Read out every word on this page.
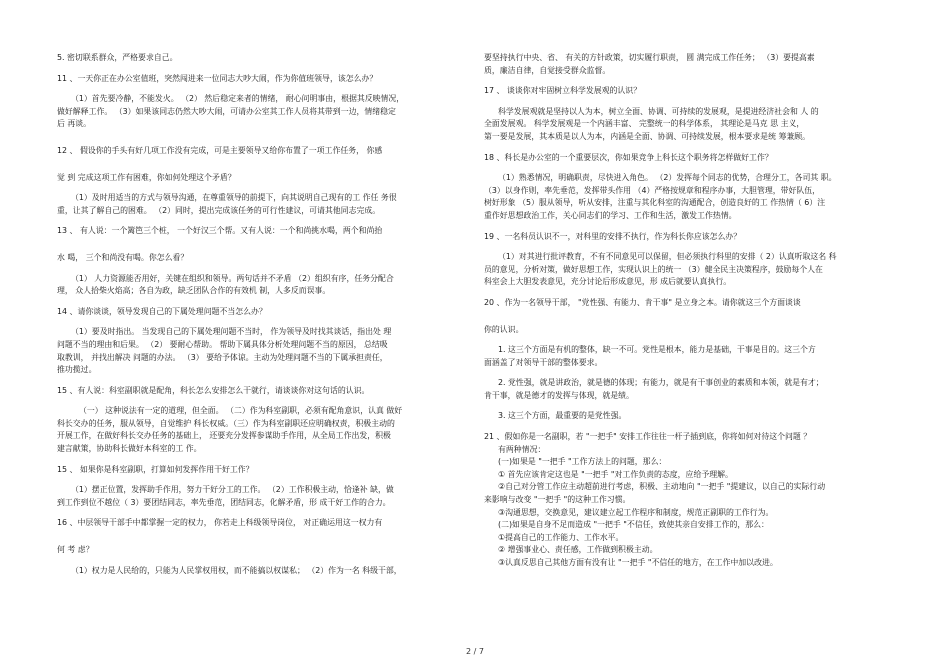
5. 密切联系群众，严格要求自己。

11 、一天你正在办公室值班，突然闯进来一位同志大吵大闹，作为你值班领导，该怎么办？

（1）首先要冷静，不能发火。 （2） 然后稳定来者的情绪， 耐心问明事由，根据其反映情况，

做好解释工作。 （3）如果该同志仍然大吵大闹，可请办公室其工作人员将其带到一边，情绪稳定

后 再谈。

12 、 假设你的手头有好几项工作没有完成，可是主要领导又给你布置了一项工作任务， 你感

觉 到 完成这项工作有困难，你如何处理这个矛盾？

（1）及时用适当的方式与领导沟通，在尊重领导的前提下，向其说明自己现有的工 作任 务很

重，让其了解自己的困难。 （2）同时，提出完成该任务的可行性建议，可请其他同志完成。

13 、 有人说：一个篱笆三个桩， 一个好汉三个帮。又有人说：一个和尚挑水喝，两个和尚抬

水 喝， 三个和尚没有喝。你怎么看？

（1） 人力资源能否用好，关键在组织和领导。两句话并不矛盾 （2）组织有序，任务分配合

理， 众人拾柴火焰高；各自为政，缺乏团队合作的有效机 制，人多反而误事。

14 、请你谈谈，领导发现自己的下属处理问题不当怎么办？

（1）要及时指出。 当发现自己的下属处理问题不当时， 作为领导及时找其谈话，指出处 理

问题不当的理由和后果。 （2） 要耐心帮助。 帮助下属具体分析处理问题不当的原因， 总结吸

取教训， 并找出解决 问题的办法。 （3） 要给予体谅。主动为处理问题不当的下属承担责任，

推功揽过。

15 、有人说：科室副职就是配角，科长怎么安排怎么干就行，请谈谈你对这句话的认识。

（一） 这种说法有一定的道理，但全面。 （二）作为科室副职，必须有配角意识，认真 做好

科长交办的任务，服从领导，自觉维护 科长权威。（三）作为科室副职还应明确权责，积极主动的

开展工作，在做好科长交办任务的基础上， 还要充分发挥参谋助手作用，从全局工作出发，积极

建言献策，协助科长做好本科室的工 作。

15 、 如果你是科室副职，打算如何发挥作用干好工作？

（1）摆正位置，发挥助手作用，努力干好分工的工作。 （2）工作积极主动，恰逢补 缺，做

到工作到位不越位（ 3）要团结同志，率先垂范，团结同志，化解矛盾，形 成干好工作的合力。

16 、中层领导干部手中都掌握一定的权力， 你若走上科级领导岗位， 对正确运用这一权力有

何 考 虑？

（1）权力是人民给的，只能为人民掌权用权，而不能搞以权谋私； （2）作为一名 科级干部，

要坚持执行中央、省、 有关的方针政策，切实履行职责， 圆 满完成工作任务； （3）要提高素

质，廉洁自律，自觉接受群众监督。

17 、 谈谈你对牢固树立科学发展观的认识？

科学发展观就是坚持以人为本，树立全面、协调、可持续的发展观，是提进经济社会和 人 的

全面发展观。 科学发展观是一个内涵丰富、 完整统一的科学体系， 其理论是马克 思 主义，

第一要是发展，其本质是以人为本，内涵是全面、协调、可持续发展，根本要求是统 筹兼顾。

18 、科长是办公室的一个重要层次，你如果竞争上科长这个职务将怎样做好工作？

（1）熟悉情况，明确职责，尽快进入角色。 （2）发挥每个同志的优势，合理分工，各司其 职。

（3）以身作则，率先垂范，发挥带头作用 （4）严格按规章和程序办事，大胆管理，带好队伍，

树好形象 （5）服从领导，听从安排，注重与其化科室的沟通配合，创造良好的工 作热情（ 6）注

重作好思想政治工作，关心同志们的学习、工作和生活，激发工作热情。

19 、一名科员认识不一，对科里的安排不执行，作为科长你应该怎么办？

（1）对其进行批评教育，不有不同意见可以保留，但必须执行科里的安排（ 2）认真听取这名 科

员的意见，分析对策，做好思想工作，实现认识上的统一 （3）健全民主决策程序，鼓励每个人在

科室会上大胆发表意见，充分讨论后形成意见，形 成后就要认真执行。

20 、作为一名领导干部， "党性强、有能力、肯干事" 是立身之本。请你就这三个方面谈谈

你的认识。

1. 这三个方面是有机的整体，缺一不可。党性是根本，能力是基础，干事是目的。这三个方

面涵盖了对领导干部的整体要求。

2. 党性强，就是讲政治，就是德的体现；有能力，就是有干事创业的素质和本领，就是有才；

肯干事，就是德才的发挥与体现，就是绩。

3. 这三个方面，最重要的是党性强。

21 、假如你是一名副职，若 "一把手" 安排工作往往一杆子插到底，你将如何对待这个问题 ？

有两种情况：

(一)如果是 "一把手 "工作方法上的问题，那么：

① 首先应该肯定这也是 "一把手 "对工作负责的态度，应给予理解。

②自己对分管工作应主动超前进行考虑，积极、主动地向 "一把手 "提建议，以自己的实际行动

来影响与改变 "一把手 "的这种工作习惯。

③沟通思想，交换意见，建议建立起工作程序和制度，规范正副职的工作行为。

(二)如果是自身不足而造成 "一把手 "不信任，致使其亲自安排工作的，那么：

①提高自己的工作能力、工作水平。

② 增强事业心、责任感，工作做到积极主动。

③认真反思自己其他方面有没有让 "一把手 "不信任的地方，在工作中加以改进。

2 / 7
